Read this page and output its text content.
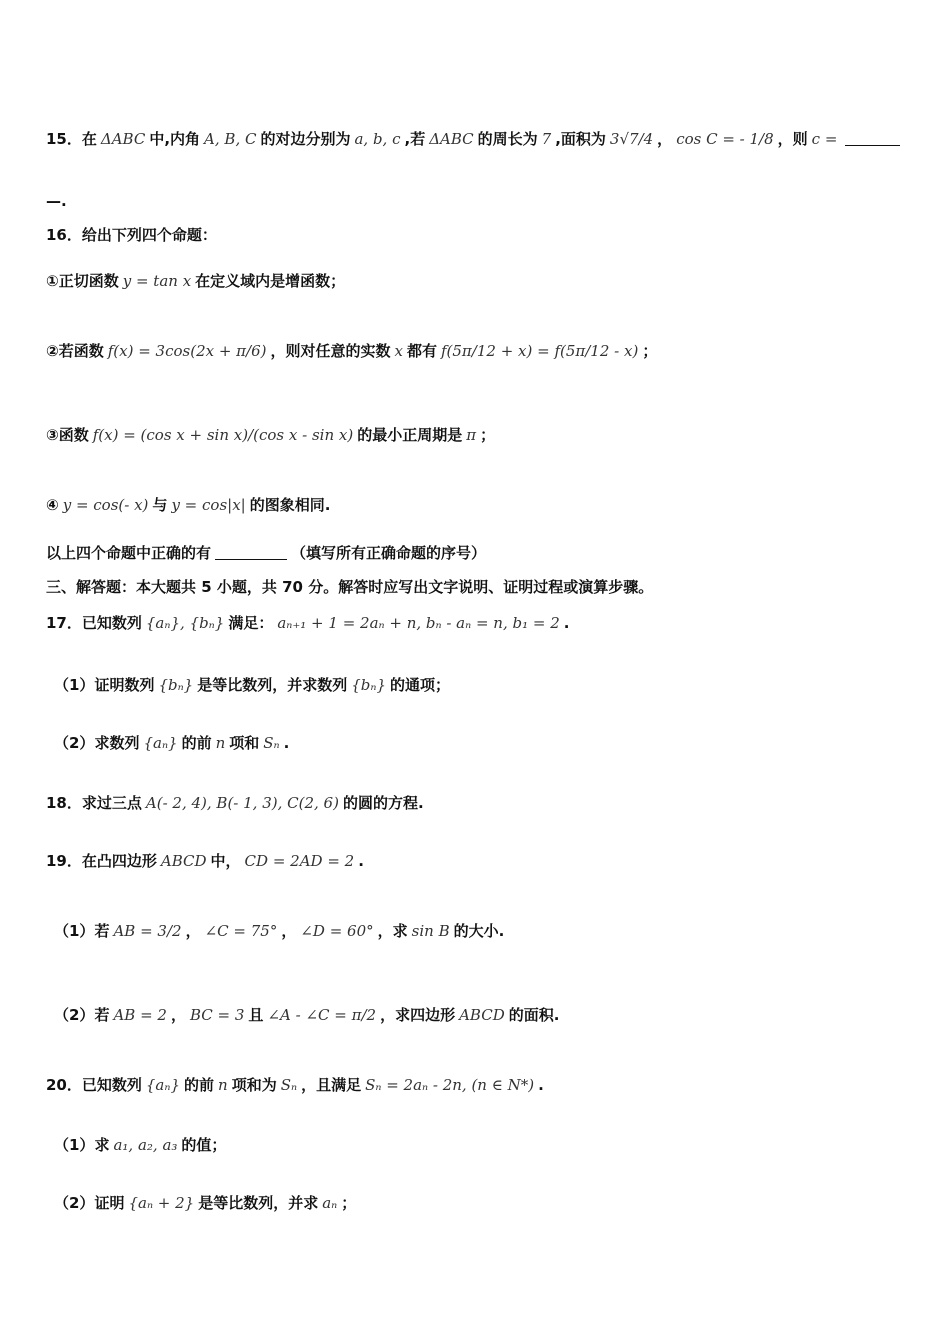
15． 在 ΔABC 中,内角 A, B, C 的对边分别为 a, b, c ,若 ΔABC 的周长为 7 ,面积为 3√7/4 ， cos C = - 1/8 ，则 c =
—.
16． 给出下列四个命题：
① 正切函数 y = tan x 在定义域内是增函数；
② 若函数 f(x) = 3cos(2x + π/6) ，则对任意的实数 x 都有 f(5π/12 + x) = f(5π/12 - x) ；
③ 函数 f(x) = (cos x + sin x)/(cos x - sin x) 的最小正周期是 π ；
④ y = cos(- x) 与 y = cos|x| 的图象相同.
以上四个命题中正确的有	（填写所有正确命题的序号）
三、解答题：本大题共 5 小题，共 70 分。解答时应写出文字说明、证明过程或演算步骤。
17． 已知数列 {aₙ}, {bₙ} 满足： aₙ₊₁ + 1 = 2aₙ + n, bₙ - aₙ = n, b₁ = 2 .
（1） 证明数列 {bₙ} 是等比数列，并求数列 {bₙ} 的通项；
（2） 求数列 {aₙ} 的前 n 项和 Sₙ .
18． 求过三点 A(- 2, 4), B(- 1, 3), C(2, 6) 的圆的方程.
19． 在凸四边形 ABCD 中， CD = 2AD = 2 .
（1） 若 AB = 3/2 ， ∠C = 75° ， ∠D = 60° ，求 sin B 的大小.
（2） 若 AB = 2 ， BC = 3 且 ∠A - ∠C = π/2 ，求四边形 ABCD 的面积.
20． 已知数列 {aₙ} 的前 n 项和为 Sₙ ，且满足 Sₙ = 2aₙ - 2n, (n ∈ N*) .
（1） 求 a₁, a₂, a₃ 的值；
（2） 证明 {aₙ + 2} 是等比数列，并求 aₙ ；
